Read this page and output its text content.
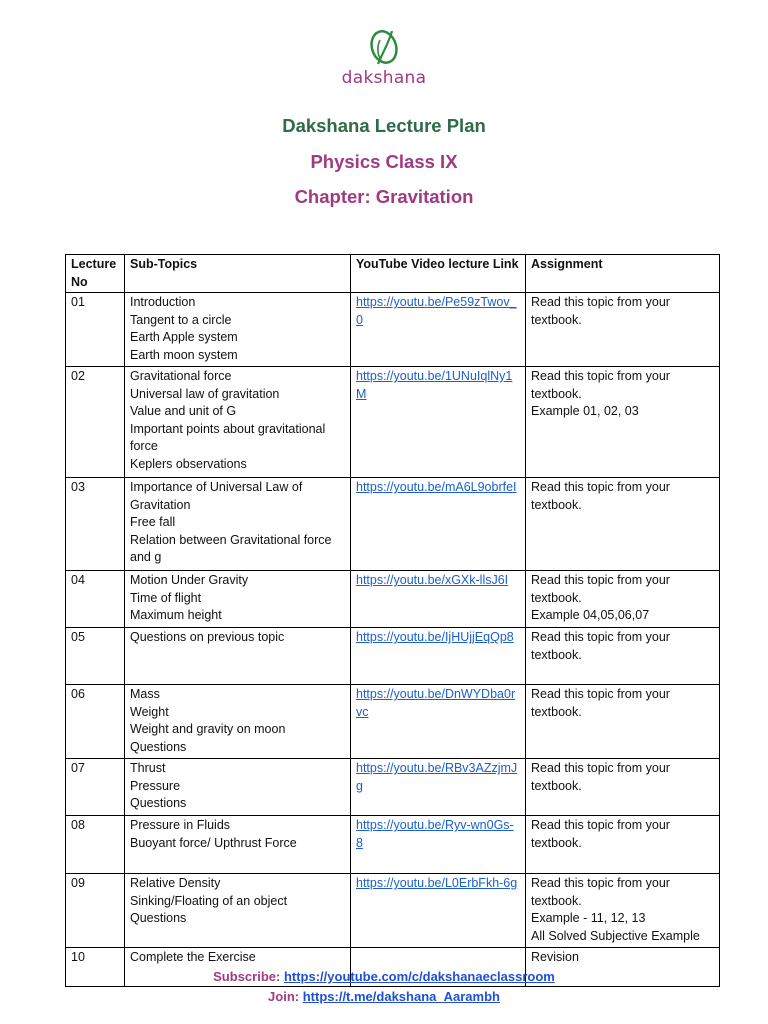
dakshana
Dakshana Lecture Plan
Physics Class IX
Chapter: Gravitation
Lecture No	Sub-Topics	YouTube Video lecture Link	Assignment
01	Introduction
Tangent to a circle
Earth Apple system
Earth moon system	https://youtu.be/Pe59zTwov_0	Read this topic from your textbook.

02	Gravitational force
Universal law of gravitation
Value and unit of G
Important points about gravitational force
Keplers observations	https://youtu.be/1UNuIqlNy1M	Read this topic from your textbook.
Example 01, 02, 03

03	Importance of Universal Law of Gravitation
Free fall
Relation between Gravitational force and g	https://youtu.be/mA6L9obrfeI	Read this topic from your textbook.

04	Motion Under Gravity
Time of flight
Maximum height	https://youtu.be/xGXk-llsJ6I	Read this topic from your textbook.
Example 04,05,06,07

05	Questions on previous topic	https://youtu.be/IjHUjjEqQp8	Read this topic from your textbook.

06	Mass
Weight
Weight and gravity on moon
Questions	https://youtu.be/DnWYDba0rvc	Read this topic from your textbook.

07	Thrust
Pressure
Questions	https://youtu.be/RBv3AZzjmJg	Read this topic from your textbook.

08	Pressure in Fluids
Buoyant force/ Upthrust Force	https://youtu.be/Ryv-wn0Gs-8	Read this topic from your textbook.

09	Relative Density
Sinking/Floating of an object
Questions	https://youtu.be/L0ErbFkh-6g	Read this topic from your textbook.
Example - 11, 12, 13
All Solved Subjective Example

10	Complete the Exercise		Revision
Subscribe: https://youtube.com/c/dakshanaeclassroom
Join: https://t.me/dakshana_Aarambh
